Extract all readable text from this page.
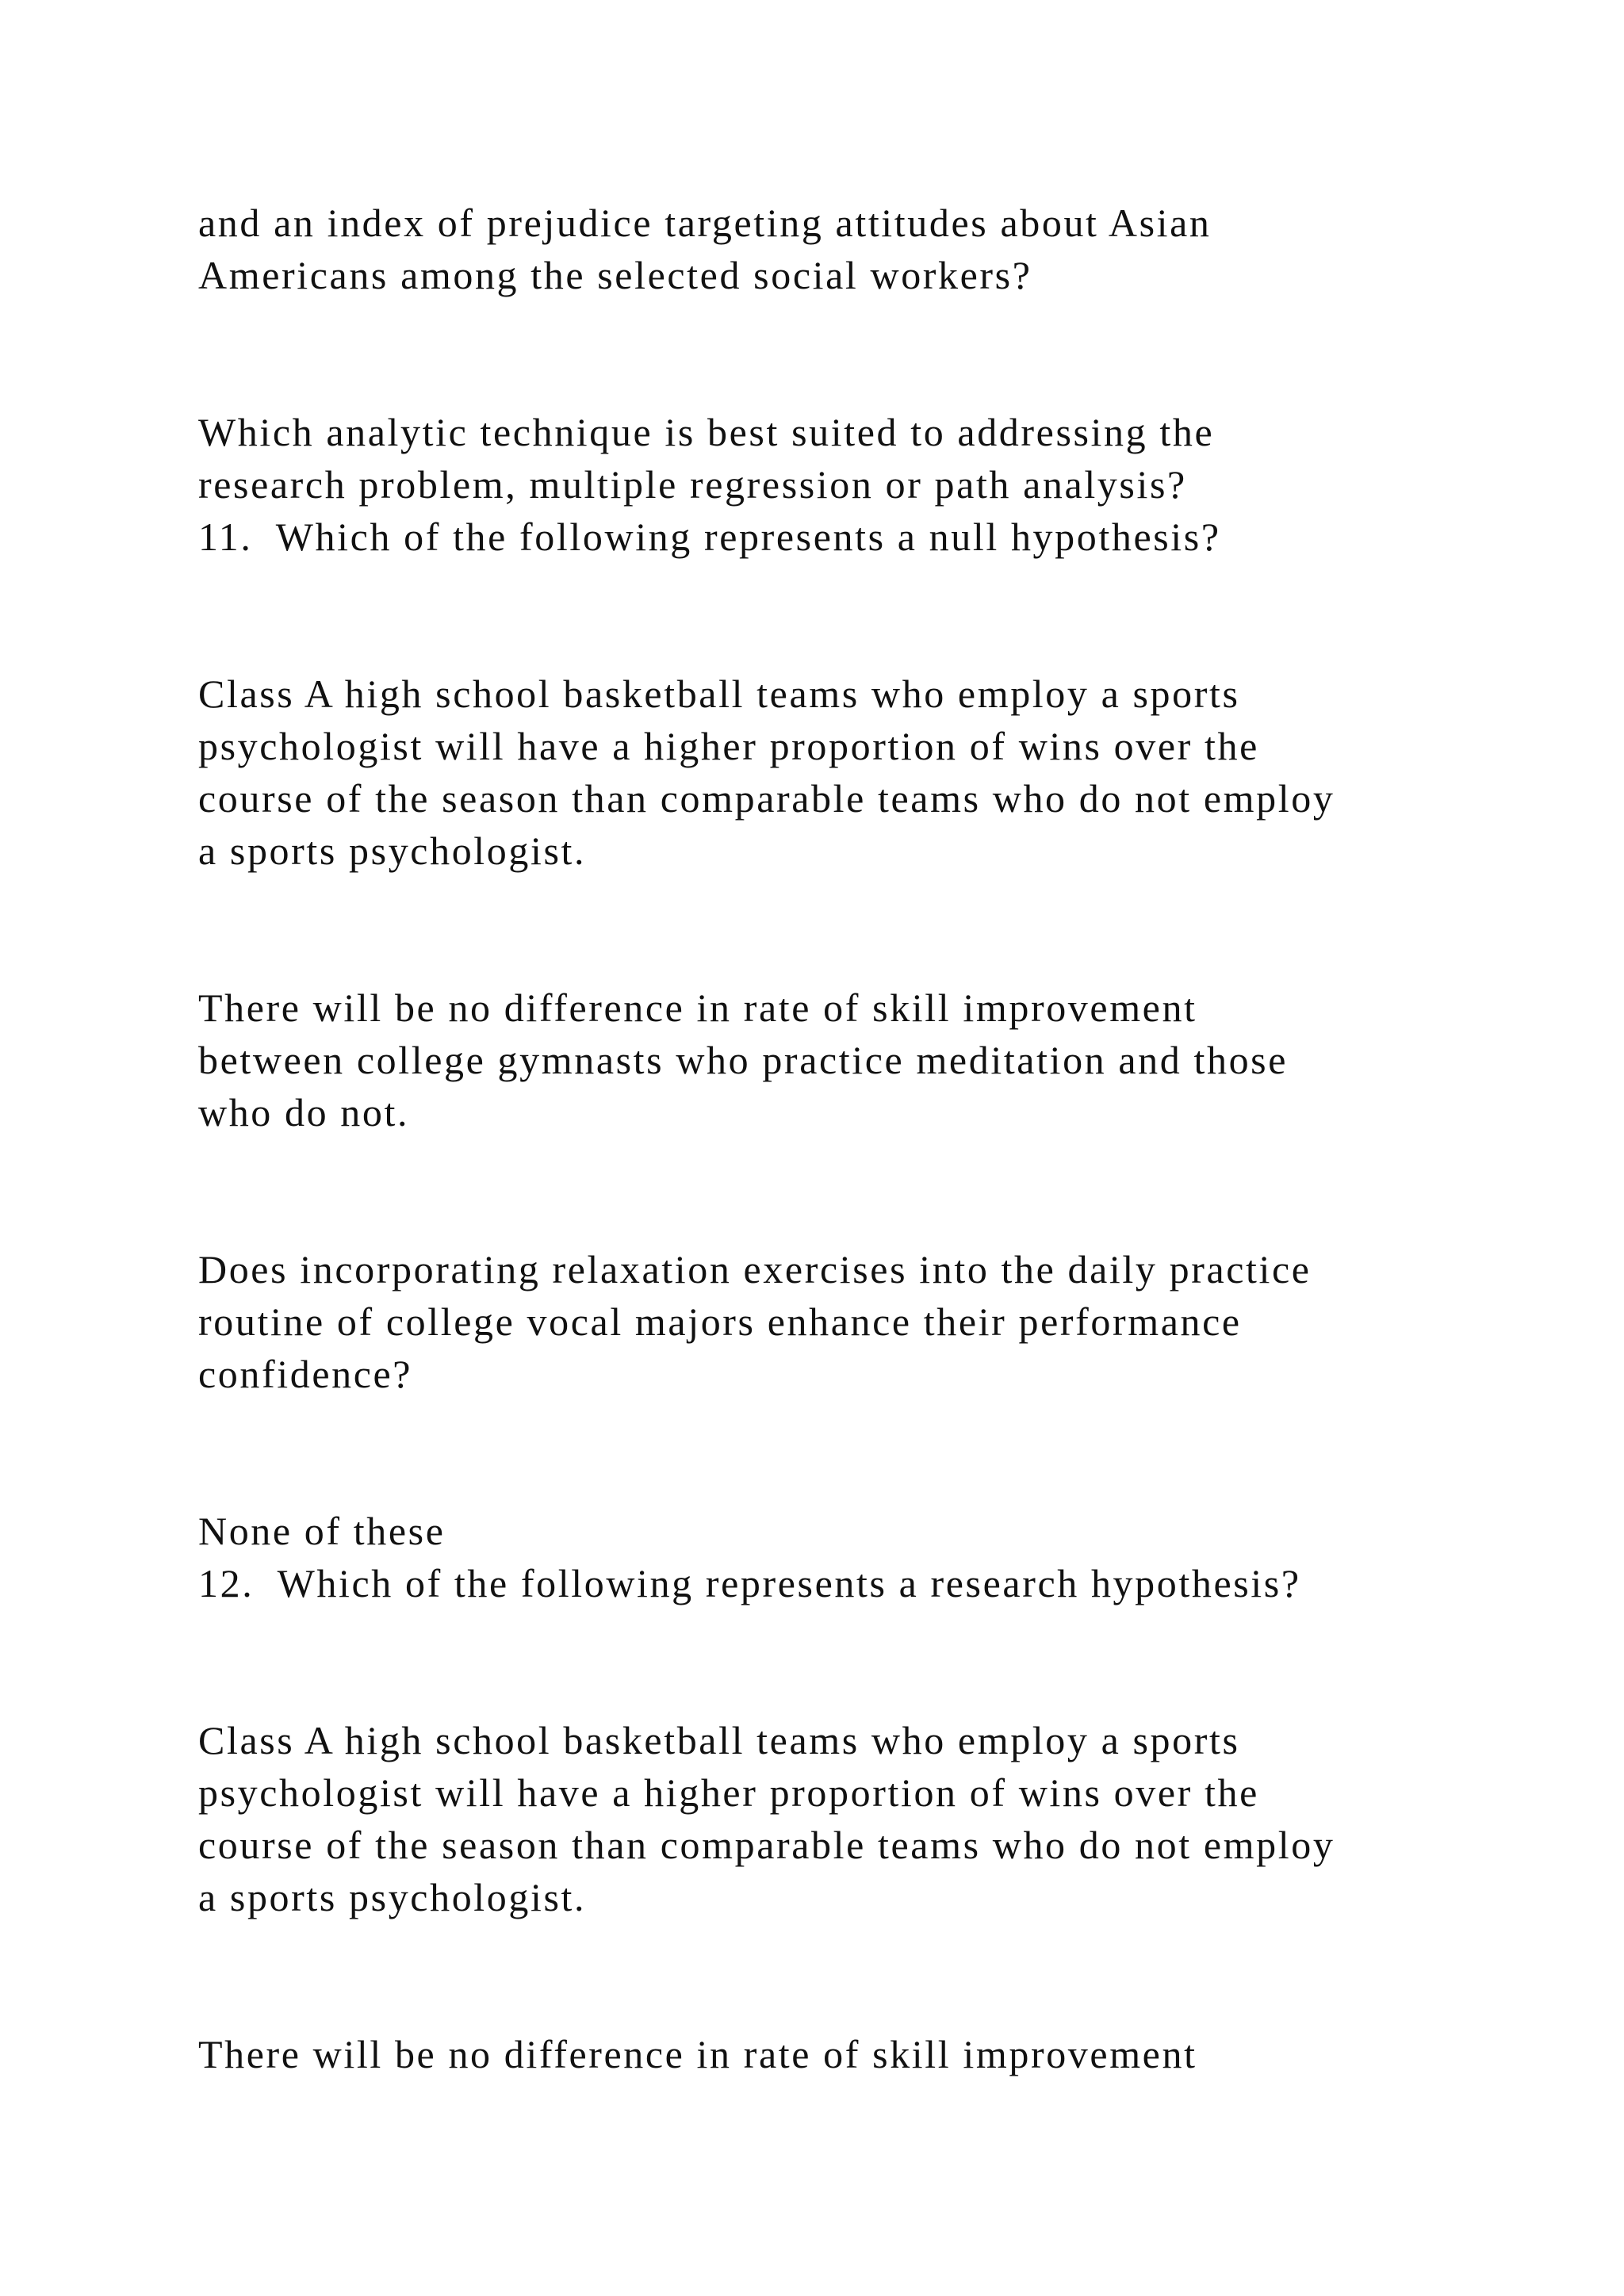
and an index of prejudice targeting attitudes about Asian

Americans among the selected social workers?

Which analytic technique is best suited to addressing the

research problem, multiple regression or path analysis?

11.  Which of the following represents a null hypothesis?

Class A high school basketball teams who employ a sports

psychologist will have a higher proportion of wins over the

course of the season than comparable teams who do not employ

a sports psychologist.

There will be no difference in rate of skill improvement

between college gymnasts who practice meditation and those

who do not.

Does incorporating relaxation exercises into the daily practice

routine of college vocal majors enhance their performance

confidence?

None of these

12.  Which of the following represents a research hypothesis?

Class A high school basketball teams who employ a sports

psychologist will have a higher proportion of wins over the

course of the season than comparable teams who do not employ

a sports psychologist.

There will be no difference in rate of skill improvement
